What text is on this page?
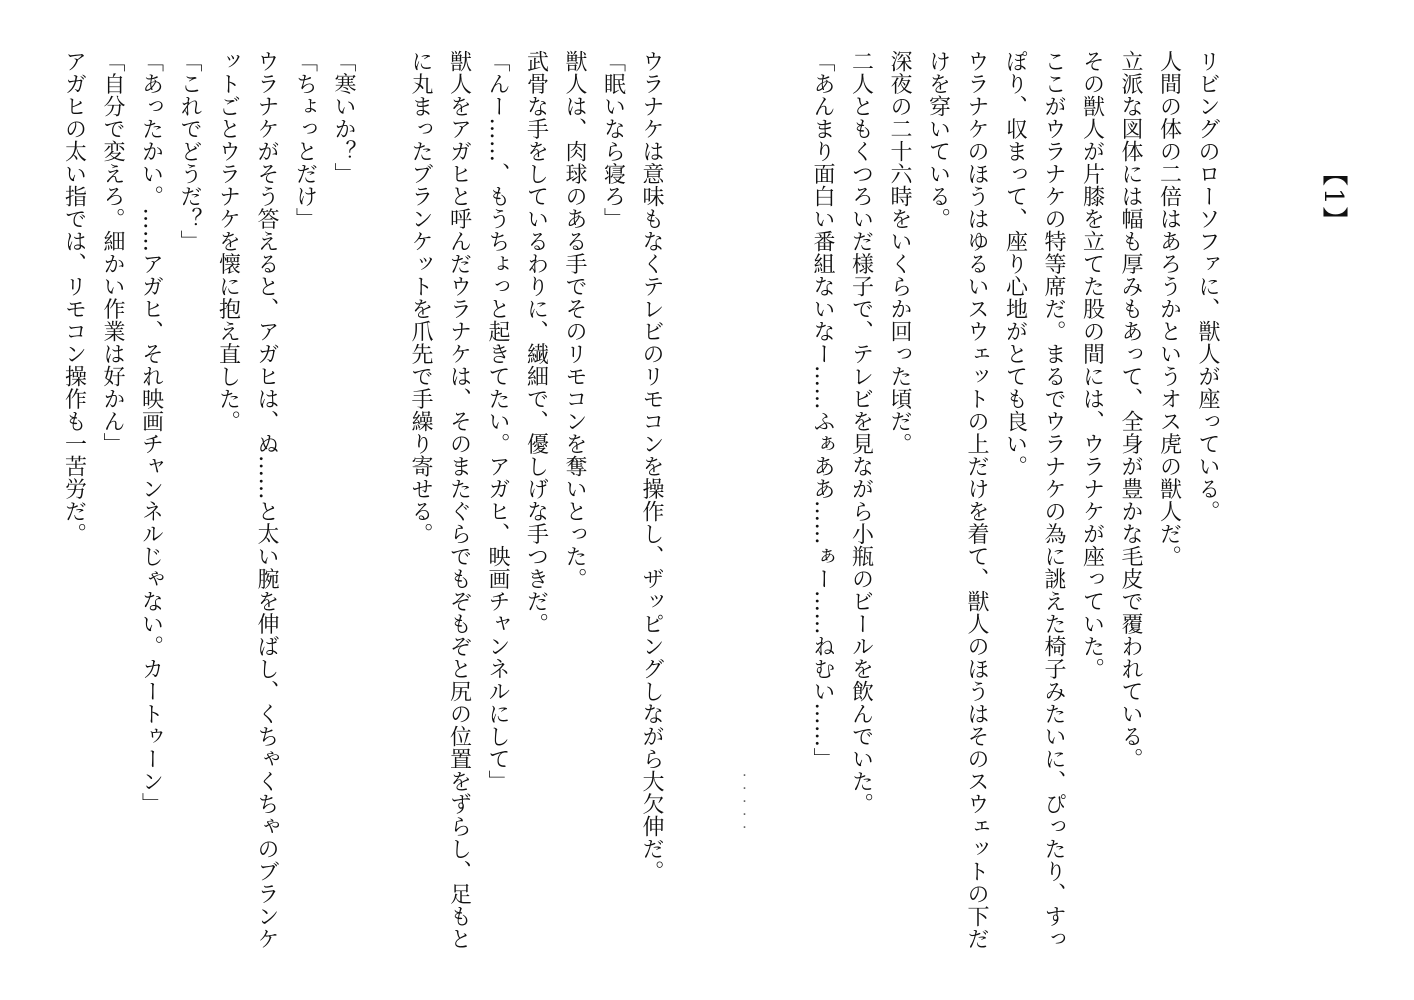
【1】
リビングのローソファに、獣人が座っている。
人間の体の二倍はあろうかというオス虎の獣人だ。
立派な図体には幅も厚みもあって、全身が豊かな毛皮で覆われている。
その獣人が片膝を立てた股の間には、ウラナケが座っていた。
ここがウラナケの特等席だ。まるでウラナケの為に誂えた椅子みたいに、ぴったり、すっ
ぽり、収まって、座り心地がとても良い。
ウラナケのほうはゆるいスウェットの上だけを着て、獣人のほうはそのスウェットの下だ
けを穿いている。
深夜の二十六時をいくらか回った頃だ。
二人ともくつろいだ様子で、テレビを見ながら小瓶のビールを飲んでいた。
「あんまり面白い番組ないなー……ふぁああ……ぁー……ねむい……」
・・・・・
ウラナケは意味もなくテレビのリモコンを操作し、ザッピングしながら大欠伸だ。
「眠いなら寝ろ」
獣人は、肉球のある手でそのリモコンを奪いとった。
武骨な手をしているわりに、繊細で、優しげな手つきだ。
「んー……、もうちょっと起きてたい。アガヒ、映画チャンネルにして」
獣人をアガヒと呼んだウラナケは、そのまたぐらでもぞもぞと尻の位置をずらし、足もと
に丸まったブランケットを爪先で手繰り寄せる。
「寒いか？」
「ちょっとだけ」
ウラナケがそう答えると、アガヒは、ぬ……と太い腕を伸ばし、くちゃくちゃのブランケ
ットごとウラナケを懐に抱え直した。
「これでどうだ？」
「あったかい。……アガヒ、それ映画チャンネルじゃない。カートゥーン」
「自分で変えろ。細かい作業は好かん」
アガヒの太い指では、リモコン操作も一苦労だ。
